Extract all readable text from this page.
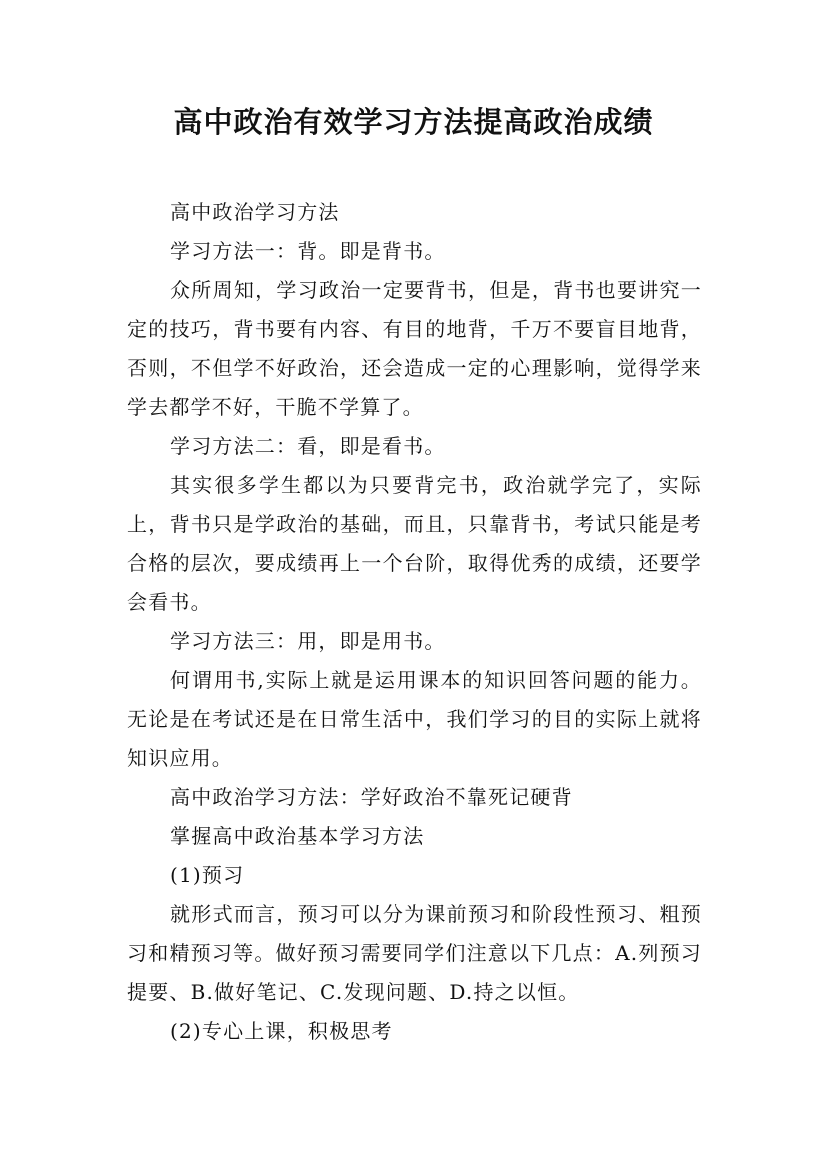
高中政治有效学习方法提高政治成绩

高中政治学习方法

学习方法一：背。即是背书。

众所周知，学习政治一定要背书，但是，背书也要讲究一定的技巧，背书要有内容、有目的地背，千万不要盲目地背，否则，不但学不好政治，还会造成一定的心理影响，觉得学来学去都学不好，干脆不学算了。

学习方法二：看，即是看书。

其实很多学生都以为只要背完书，政治就学完了，实际上，背书只是学政治的基础，而且，只靠背书，考试只能是考合格的层次，要成绩再上一个台阶，取得优秀的成绩，还要学会看书。

学习方法三：用，即是用书。

何谓用书,实际上就是运用课本的知识回答问题的能力。无论是在考试还是在日常生活中，我们学习的目的实际上就将知识应用。

高中政治学习方法：学好政治不靠死记硬背

掌握高中政治基本学习方法

(1)预习

就形式而言，预习可以分为课前预习和阶段性预习、粗预习和精预习等。做好预习需要同学们注意以下几点：A.列预习提要、B.做好笔记、C.发现问题、D.持之以恒。

(2)专心上课，积极思考
